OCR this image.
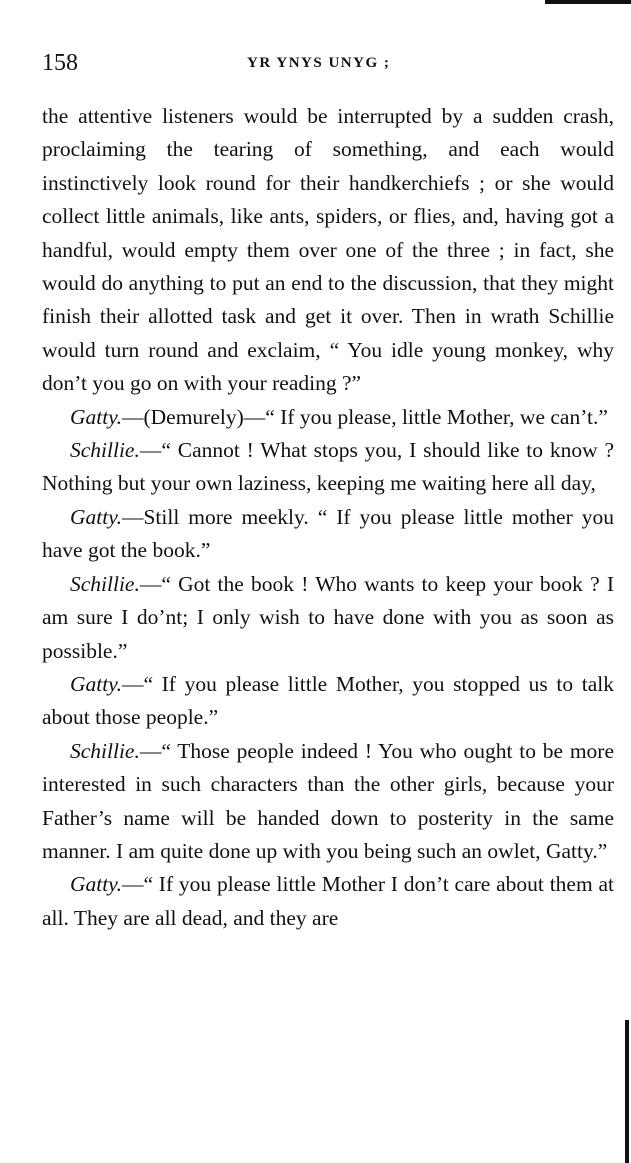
158	YR YNYS UNYG ;

the attentive listeners would be interrupted by a sudden crash, proclaiming the tearing of something, and each would instinctively look round for their handkerchiefs ; or she would collect little animals, like ants, spiders, or flies, and, having got a handful, would empty them over one of the three ; in fact, she would do anything to put an end to the discussion, that they might finish their allotted task and get it over. Then in wrath Schillie would turn round and exclaim, “ You idle young monkey, why don’t you go on with your reading ?”

Gatty.—(Demurely)—“ If you please, little Mother, we can’t.”

Schillie.—“ Cannot ! What stops you, I should like to know ? Nothing but your own laziness, keeping me waiting here all day,

Gatty.—Still more meekly. “ If you please little mother you have got the book.”

Schillie.—“ Got the book ! Who wants to keep your book ? I am sure I do’nt; I only wish to have done with you as soon as possible.”

Gatty.—“ If you please little Mother, you stopped us to talk about those people.”

Schillie.—“ Those people indeed ! You who ought to be more interested in such characters than the other girls, because your Father’s name will be handed down to posterity in the same manner. I am quite done up with you being such an owlet, Gatty.”

Gatty.—“ If you please little Mother I don’t care about them at all. They are all dead, and they are
